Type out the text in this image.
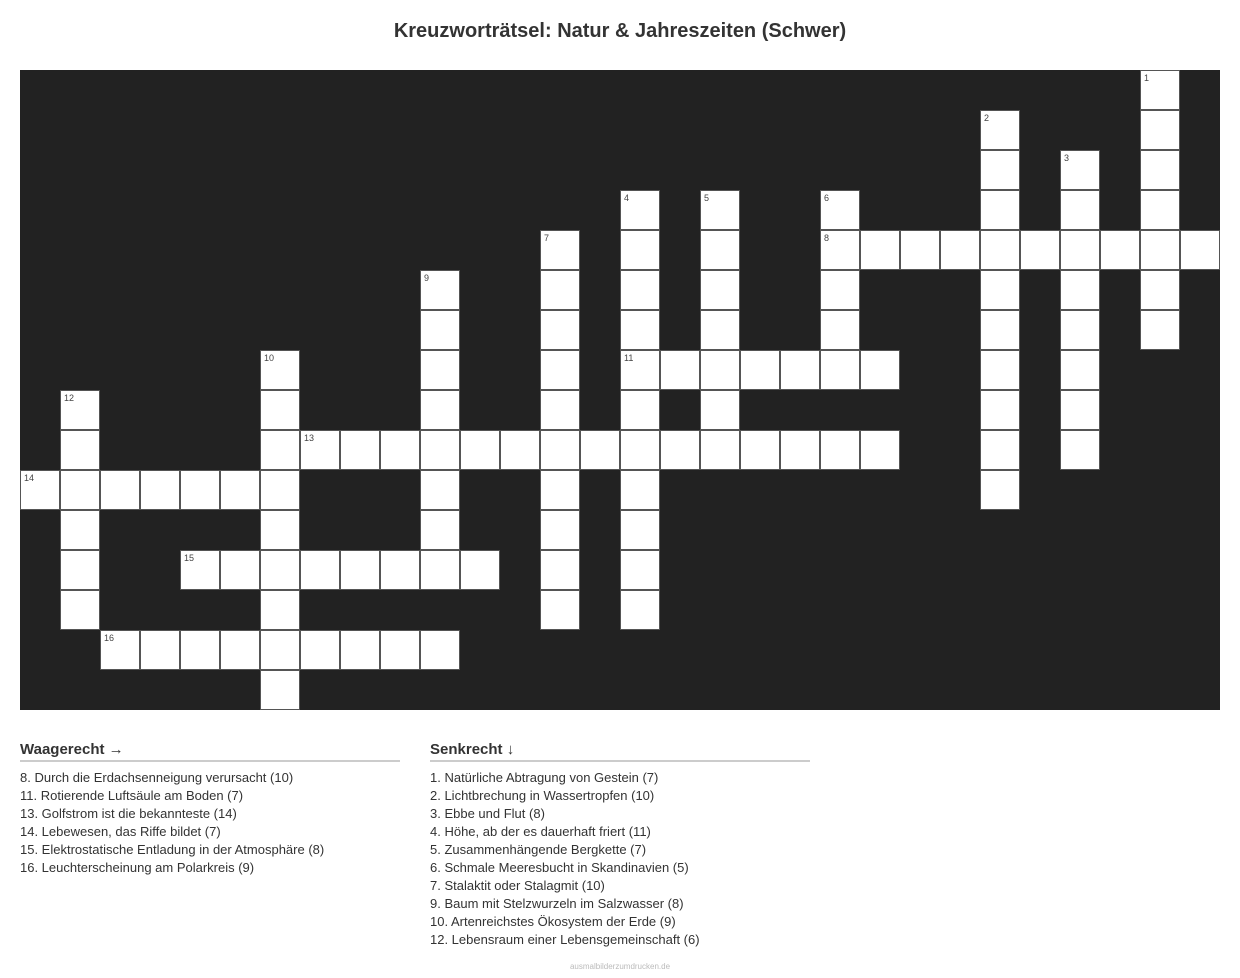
Kreuzworträtsel: Natur & Jahreszeiten (Schwer)
1
2
3
4
11
5	6
8
7
9
10
12
13
14
15
16
Waagerecht →
8. Durch die Erdachsenneigung verursacht (10)
11. Rotierende Luftsäule am Boden (7)
13. Golfstrom ist die bekannteste (14)
14. Lebewesen, das Riffe bildet (7)
15. Elektrostatische Entladung in der Atmosphäre (8)
16. Leuchterscheinung am Polarkreis (9)
Senkrecht ↓
1. Natürliche Abtragung von Gestein (7)
2. Lichtbrechung in Wassertropfen (10)
3. Ebbe und Flut (8)
4. Höhe, ab der es dauerhaft friert (11)
5. Zusammenhängende Bergkette (7)
6. Schmale Meeresbucht in Skandinavien (5)
7. Stalaktit oder Stalagmit (10)
9. Baum mit Stelzwurzeln im Salzwasser (8)
10. Artenreichstes Ökosystem der Erde (9)
12. Lebensraum einer Lebensgemeinschaft (6)
ausmalbilderzumdrucken.de
